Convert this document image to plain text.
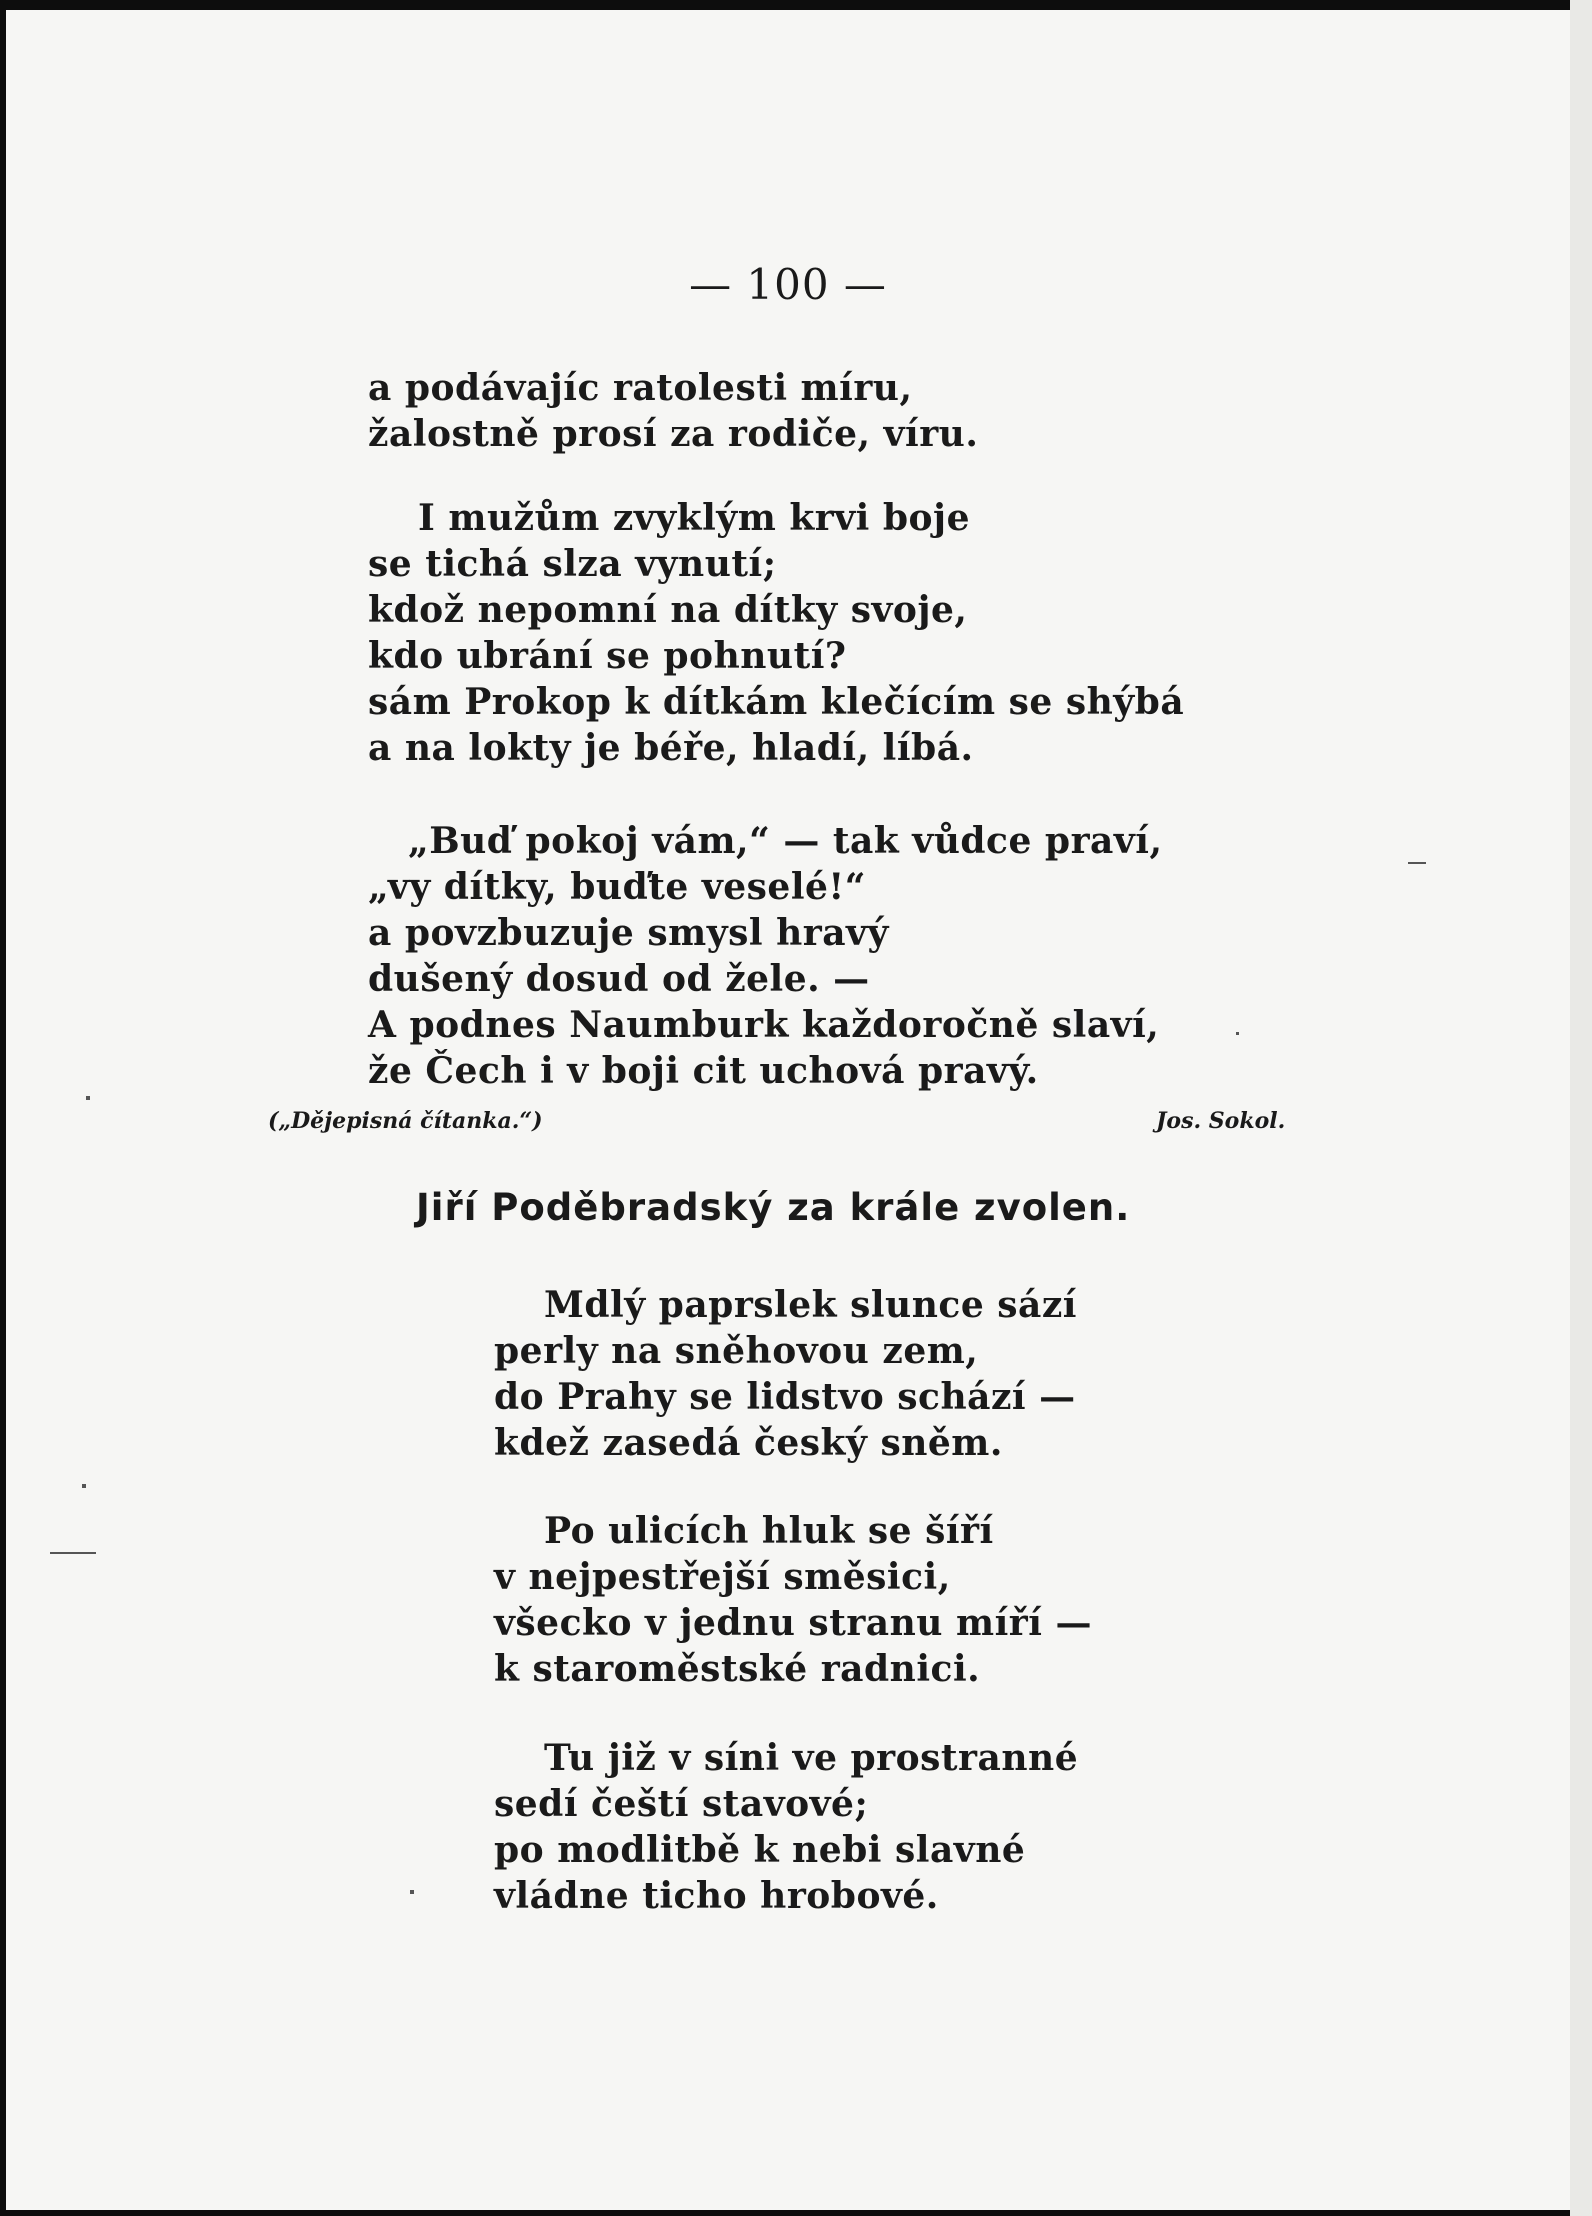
— 100 —
a podávajíc ratolesti míru,
žalostně prosí za rodiče, víru.
I mužům zvyklým krvi boje
se tichá slza vynutí;
kdož nepomní na dítky svoje,
kdo ubrání se pohnutí?
sám Prokop k dítkám klečícím se shýbá
a na lokty je béře, hladí, líbá.
„Buď pokoj vám,“ — tak vůdce praví,
„vy dítky, buďte veselé!“
a povzbuzuje smysl hravý
dušený dosud od žele. —
A podnes Naumburk každoročně slaví,
že Čech i v boji cit uchová pravý.
(„Dějepisná čítanka.“)	Jos. Sokol.
Jiří Poděbradský za krále zvolen.
Mdlý paprslek slunce sází
perly na sněhovou zem,
do Prahy se lidstvo schází —
kdež zasedá český sněm.
Po ulicích hluk se šíří
v nejpestřejší směsici,
všecko v jednu stranu míří —
k staroměstské radnici.
Tu již v síni ve prostranné
sedí čeští stavové;
po modlitbě k nebi slavné
vládne ticho hrobové.
